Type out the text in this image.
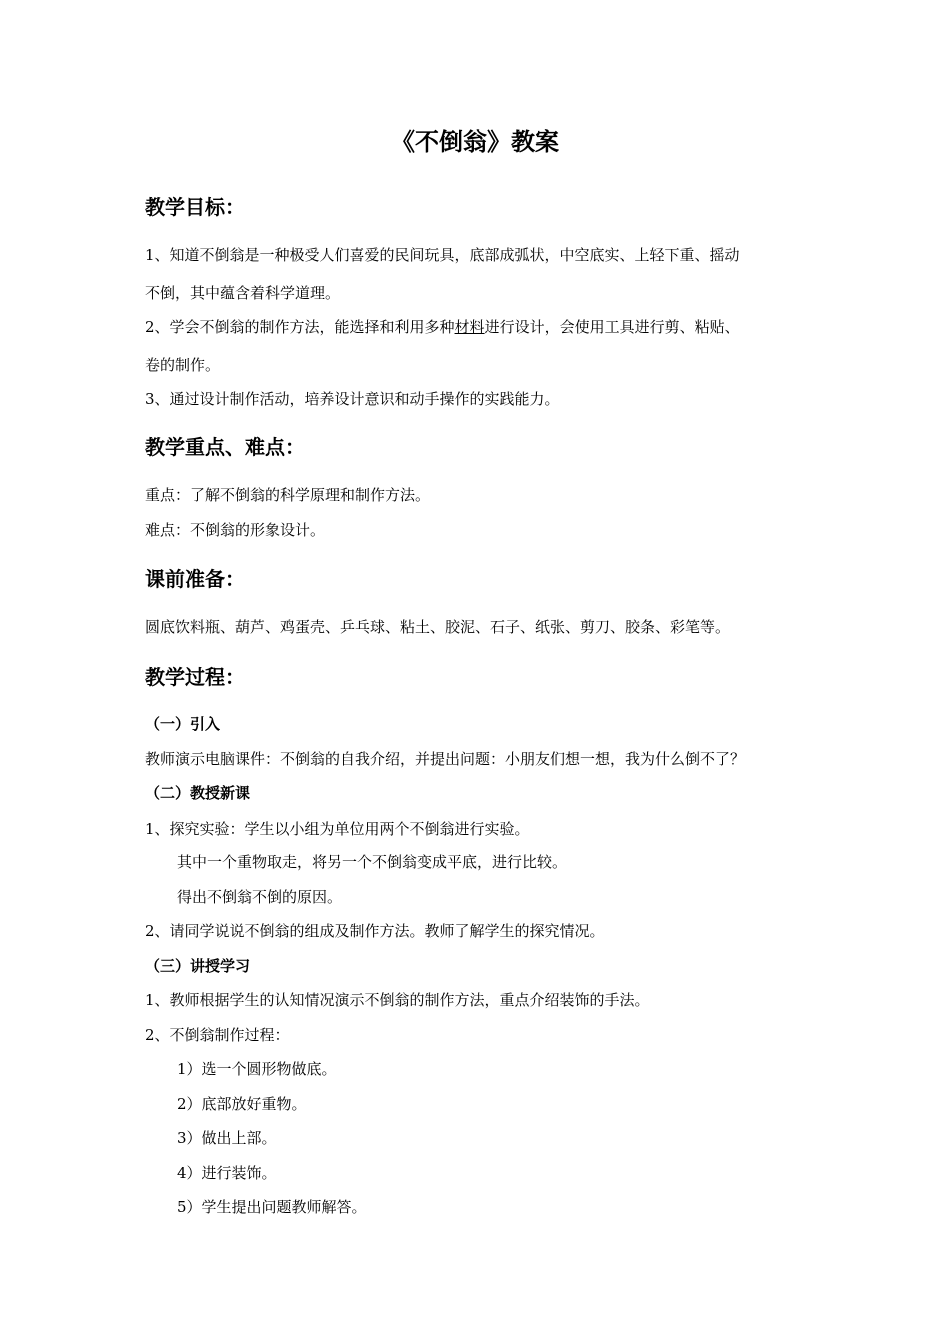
《不倒翁》教案
教学目标：

1、知道不倒翁是一种极受人们喜爱的民间玩具，底部成弧状，中空底实、上轻下重、摇动

不倒，其中蕴含着科学道理。

2、学会不倒翁的制作方法，能选择和利用多种材料进行设计，会使用工具进行剪、粘贴、

卷的制作。

3、通过设计制作活动，培养设计意识和动手操作的实践能力。

教学重点、难点：

重点：了解不倒翁的科学原理和制作方法。

难点：不倒翁的形象设计。

课前准备：

圆底饮料瓶、葫芦、鸡蛋壳、乒乓球、粘土、胶泥、石子、纸张、剪刀、胶条、彩笔等。

教学过程：
（一）引入

教师演示电脑课件：不倒翁的自我介绍，并提出问题：小朋友们想一想，我为什么倒不了？

（二）教授新课

1、探究实验：学生以小组为单位用两个不倒翁进行实验。

其中一个重物取走，将另一个不倒翁变成平底，进行比较。

得出不倒翁不倒的原因。

2、请同学说说不倒翁的组成及制作方法。教师了解学生的探究情况。

（三）讲授学习

1、教师根据学生的认知情况演示不倒翁的制作方法，重点介绍装饰的手法。

2、不倒翁制作过程：

1）选一个圆形物做底。

2）底部放好重物。

3）做出上部。

4）进行装饰。

5）学生提出问题教师解答。
